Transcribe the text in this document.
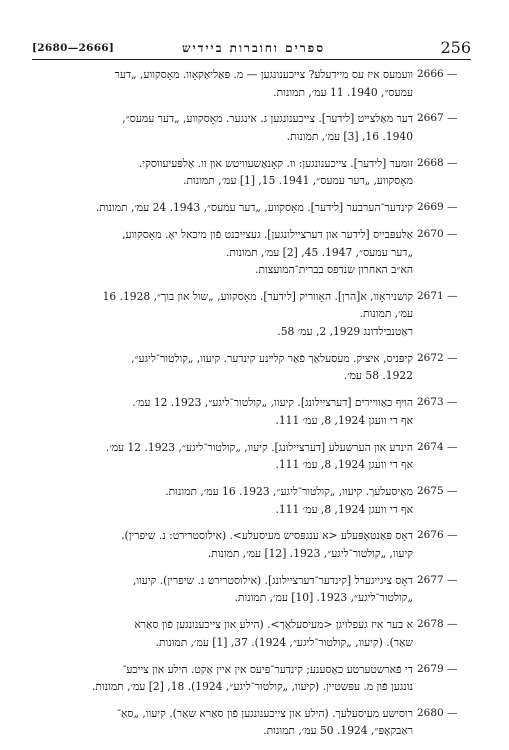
[2680—2666]	ספרים וחוברות ביידיש	256
2666 —
וועמעס איז עס מיידעלע? צייכענונגען — מ. פּאַליאַקאָוו. מאָסקווע, „דער
עמעס״, 1940. 11 עמ׳, תמונות.
2667 —
דער מאַלצייט [לידער]. צייכענונגען ג. אינגער. מאָסקווע, „דער עמעס״,
1940. 16, [3] עמ׳, תמונות.
2668 —
זומער [לידער]. צייכענונגען: וו. קאָנאַשעוויטש און וו. אַלפּעיעווסקי.
מאָסקווע, „דער עמעס״, 1941. 15, [1] עמ׳, תמונות.
2669 —
קינדער־הערבער [לידער]. מאָסקווע, „דער עמעס״, 1943. 24 עמ׳, תמונות.
2670 —
אַלעפּבייס [לידער און דערציילונגען]. געצייכנט פֿון מיכאל יאָ. מאָסקווע,
„דער עמעס״, 1947. 45, [2] עמ׳, תמונות.
הא״ב האחרון שנדפס בברית־המועצות.
2671 —
קושניראָוו, א[הרן]. האָווריק [לידער]. מאָסקווע, „שול און בוך״, 1928. 16
עמ׳, תמונות.
ראַטנבילדונג 1929, 2, עמ׳ 58.
2672 —
קיפּניס, איציק. מעסעלאַך פֿאַר קלײנע קינדער. קיעוו, „קולטור־ליגע״,
1922. 58 עמ׳.
2673 —
הויף כאַוויירים [דערציילונג]. קיעוו, „קולטור־ליגע״, 1923. 12 עמ׳.
אף די וועגן 1924, 8, עמ׳ 111.
2674 —
הינדע און הערשעלע [דערציילונג]. קיעוו, „קולטור־ליגע״, 1923. 12 עמ׳.
אף די וועגן 1924, 8, עמ׳ 111.
2675 —
מאַיסעלעך. קיעוו, „קולטור־ליגע״, 1923. 16 עמ׳, תמונות.
אף די וועגן 1924, 8, עמ׳ 111.
2676 —
דאָס פּאַנטאָפּעלע <א ענגפּסיש מעיסעלע>. (אילוסטרירט: נ. שיפרין).
קיעוו, „קולטור־ליגע״, 1923. [12] עמ׳, תמונות.
2677 —
דאָס ציגייגערל [קינדער־דערציילונג]. (אילוסטרירט נ. שיפרין). קיעוו,
„קולטור־ליגע״, 1923. [10] עמ׳, תמונות.
2678 —
א בער איז געפלויגן <מעיסעלאַך>. (הילע און צייכענונגען פֿון סאַרא
שאַר). (קיעוו, „קולטור־ליגע״, 1924). 37, [1] עמ׳, תמונות.
2679 —
די פֿארשטערטע כאַסענע; קינדער־פּיעס אין איין אַקט. הילע און צייכע־
נונגען פֿון מ. עפּשטיין. (קיעוו, „קולטור־ליגע״, 1924). 18, [2] עמ׳, תמונות.
2680 —
רוסישע מעיסעלעך. (הילע און צייכענונגען פֿון סאַרא שאַר). קיעוו, „סאַ־
ראַבקאָפּ״, 1924. 50 עמ׳, תמונות.
